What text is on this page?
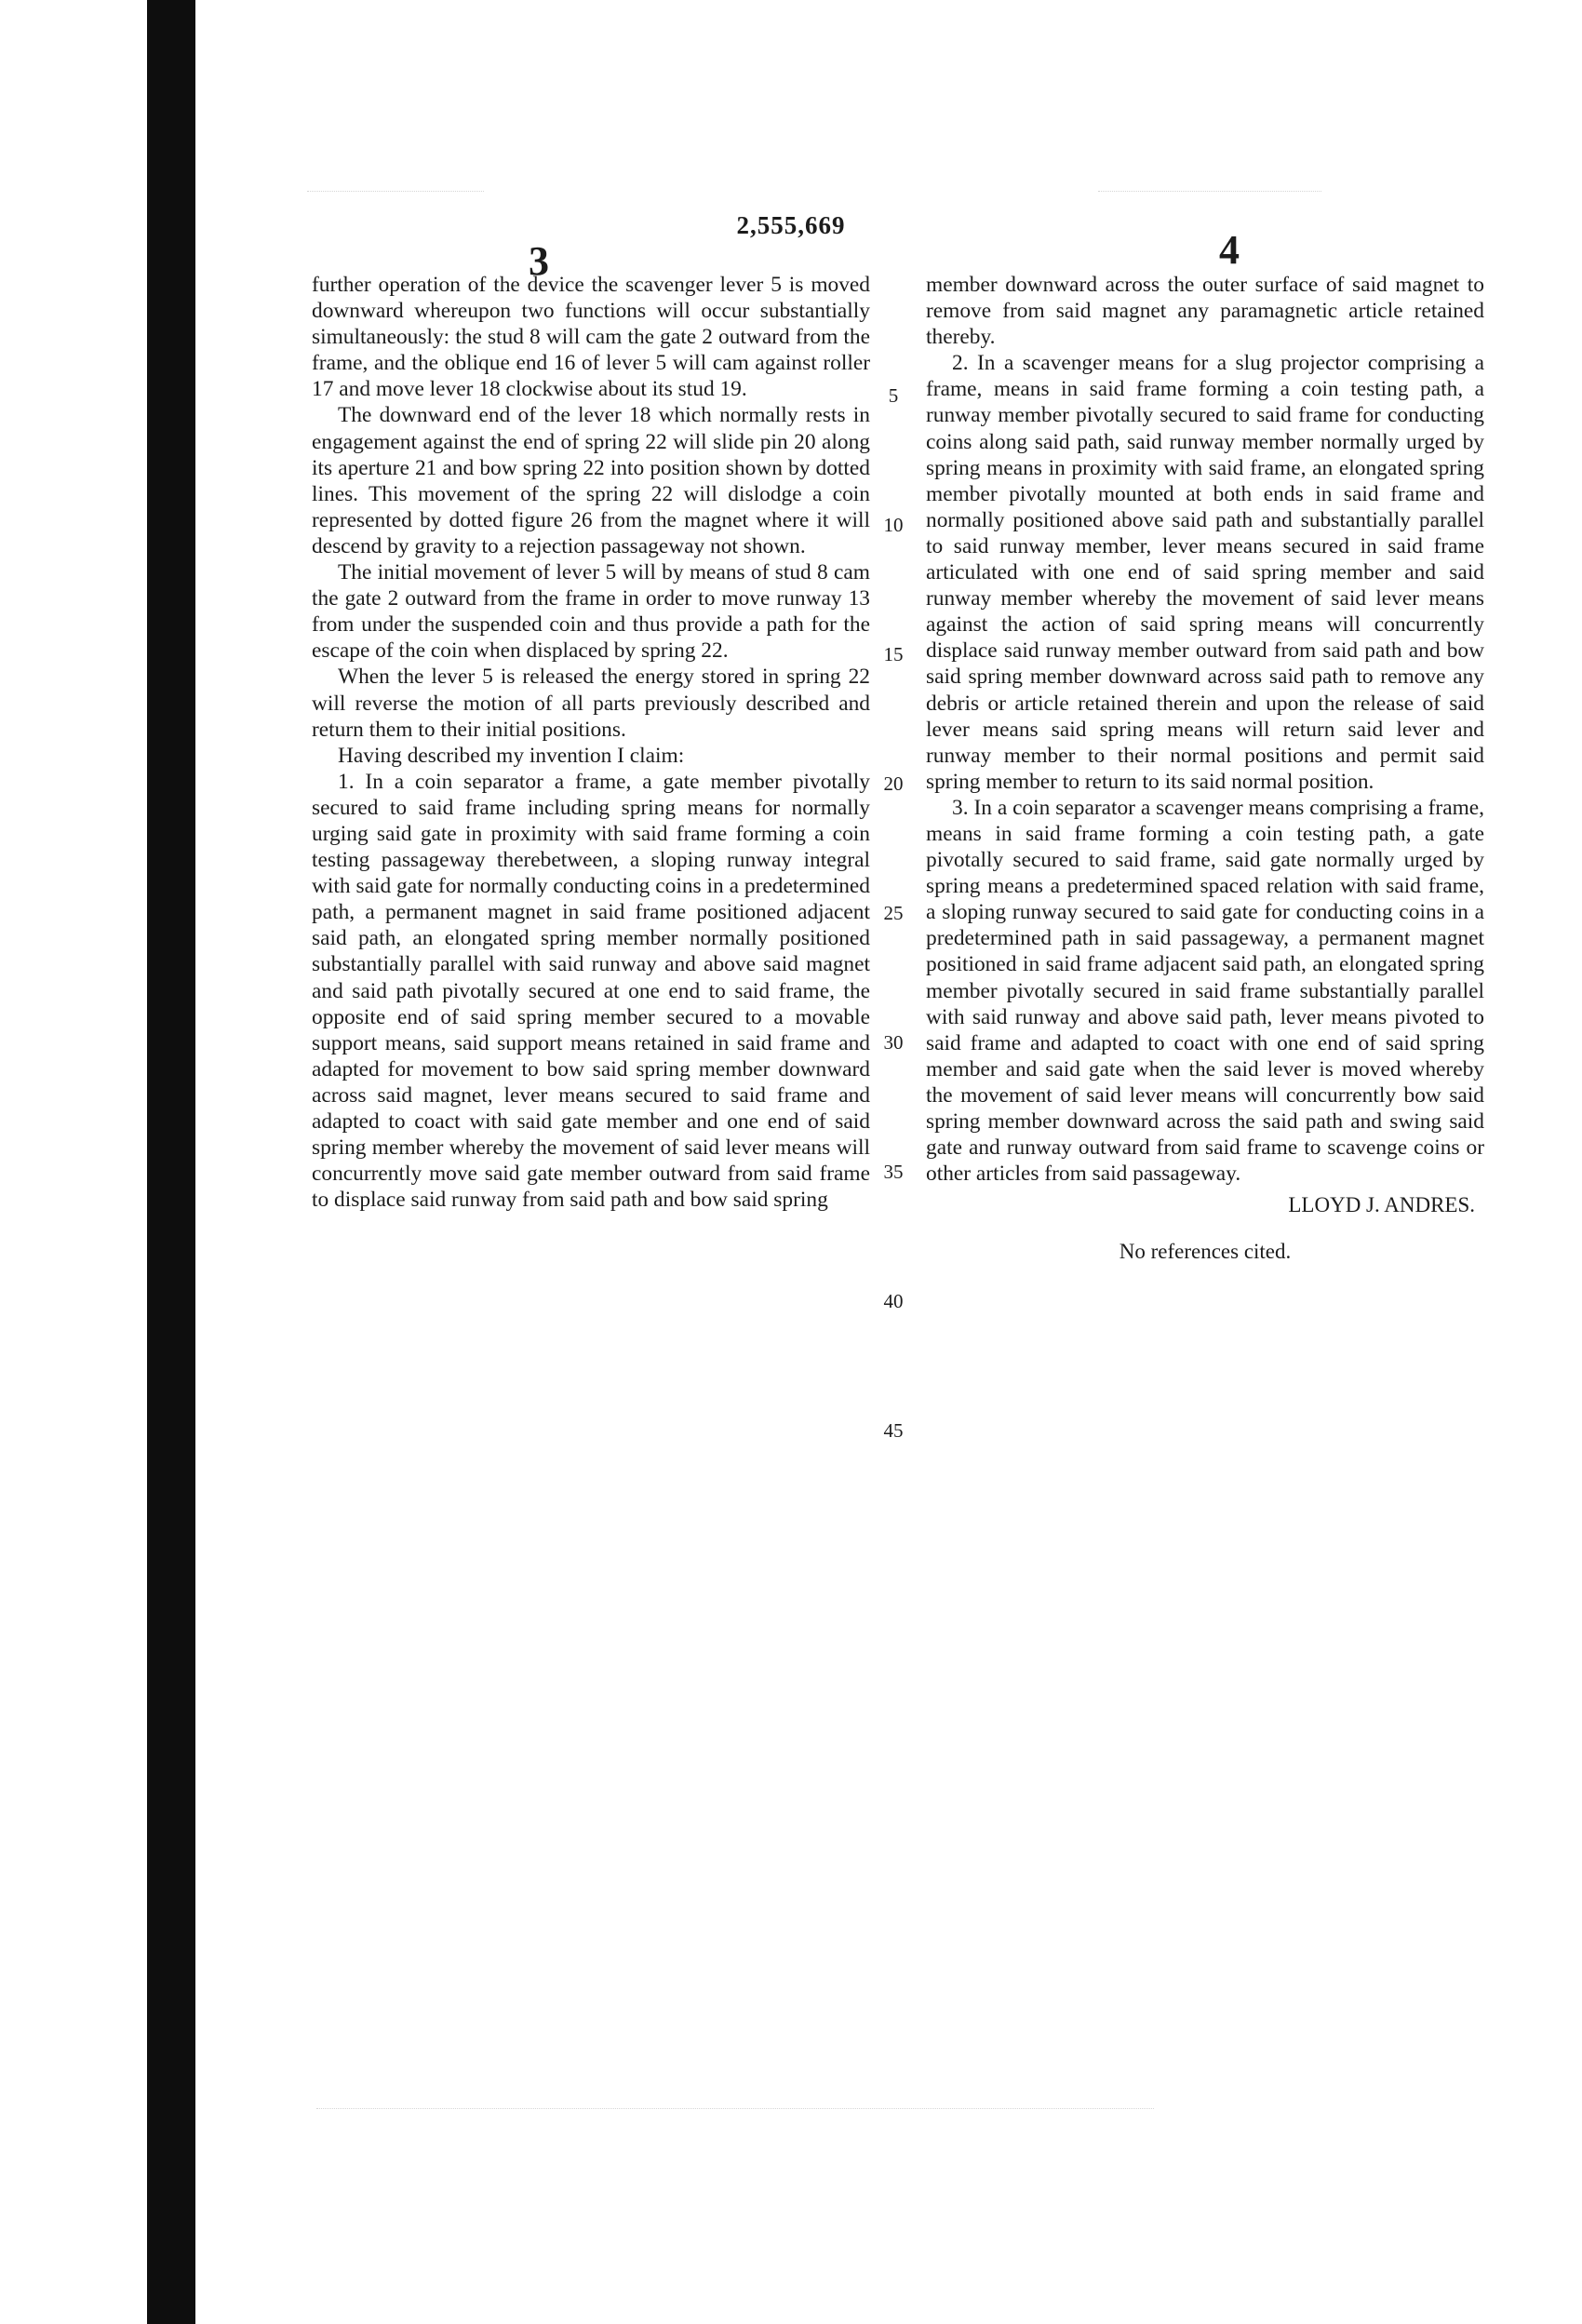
3
2,555,669
4

further operation of the device the scavenger lever 5 is moved downward whereupon two functions will occur substantially simultaneously: the stud 8 will cam the gate 2 outward from the frame, and the oblique end 16 of lever 5 will cam against roller 17 and move lever 18 clockwise about its stud 19.

The downward end of the lever 18 which normally rests in engagement against the end of spring 22 will slide pin 20 along its aperture 21 and bow spring 22 into position shown by dotted lines. This movement of the spring 22 will dislodge a coin represented by dotted figure 26 from the magnet where it will descend by gravity to a rejection passageway not shown.

The initial movement of lever 5 will by means of stud 8 cam the gate 2 outward from the frame in order to move runway 13 from under the suspended coin and thus provide a path for the escape of the coin when displaced by spring 22.

When the lever 5 is released the energy stored in spring 22 will reverse the motion of all parts previously described and return them to their initial positions.

Having described my invention I claim:

1. In a coin separator a frame, a gate member pivotally secured to said frame including spring means for normally urging said gate in proximity with said frame forming a coin testing passageway therebetween, a sloping runway integral with said gate for normally conducting coins in a predetermined path, a permanent magnet in said frame positioned adjacent said path, an elongated spring member normally positioned substantially parallel with said runway and above said magnet and said path pivotally secured at one end to said frame, the opposite end of said spring member secured to a movable support means, said support means retained in said frame and adapted for movement to bow said spring member downward across said magnet, lever means secured to said frame and adapted to coact with said gate member and one end of said spring member whereby the movement of said lever means will concurrently move said gate member outward from said frame to displace said runway from said path and bow said spring

5
10
15
20
25
30
35
40
45

member downward across the outer surface of said magnet to remove from said magnet any paramagnetic article retained thereby.

2. In a scavenger means for a slug projector comprising a frame, means in said frame forming a coin testing path, a runway member pivotally secured to said frame for conducting coins along said path, said runway member normally urged by spring means in proximity with said frame, an elongated spring member pivotally mounted at both ends in said frame and normally positioned above said path and substantially parallel to said runway member, lever means secured in said frame articulated with one end of said spring member and said runway member whereby the movement of said lever means against the action of said spring means will concurrently displace said runway member outward from said path and bow said spring member downward across said path to remove any debris or article retained therein and upon the release of said lever means said spring means will return said lever and runway member to their normal positions and permit said spring member to return to its said normal position.

3. In a coin separator a scavenger means comprising a frame, means in said frame forming a coin testing path, a gate pivotally secured to said frame, said gate normally urged by spring means a predetermined spaced relation with said frame, a sloping runway secured to said gate for conducting coins in a predetermined path in said passageway, a permanent magnet positioned in said frame adjacent said path, an elongated spring member pivotally secured in said frame substantially parallel with said runway and above said path, lever means pivoted to said frame and adapted to coact with one end of said spring member and said gate when the said lever is moved whereby the movement of said lever means will concurrently bow said spring member downward across the said path and swing said gate and runway outward from said frame to scavenge coins or other articles from said passageway.

LLOYD J. ANDRES.
No references cited.
